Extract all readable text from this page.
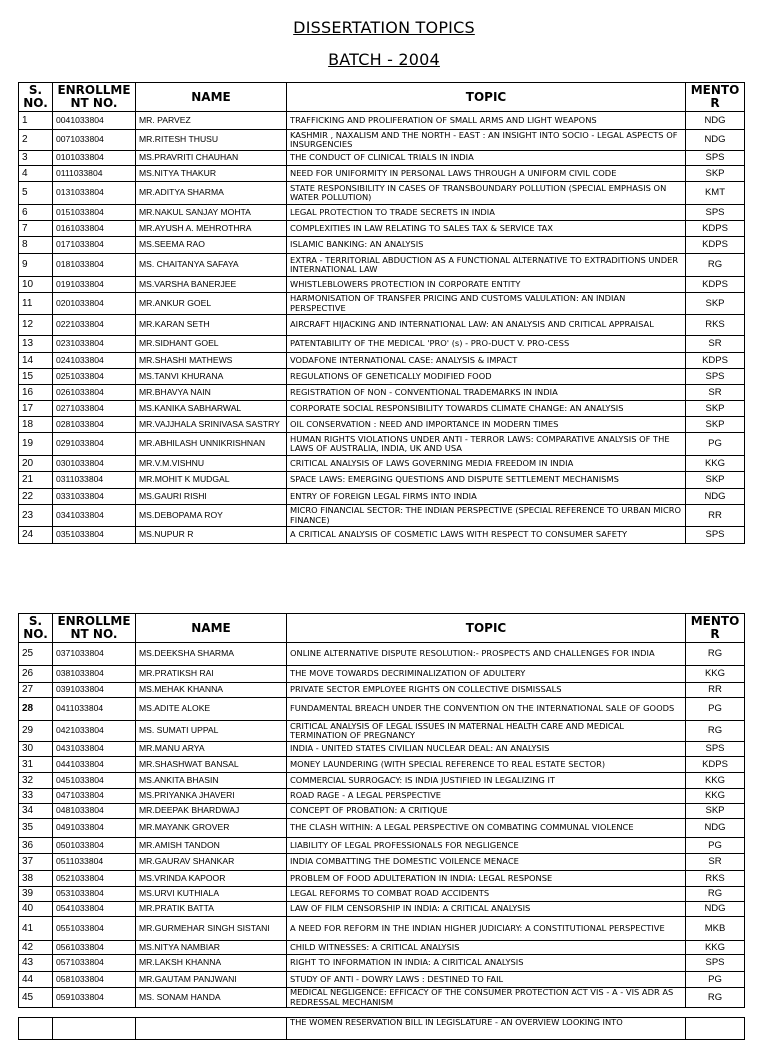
DISSERTATION TOPICS
BATCH - 2004
S. NO.	ENROLLME NT NO.	NAME	TOPIC	MENTO R
1	0041033804	MR. PARVEZ	TRAFFICKING AND PROLIFERATION OF SMALL ARMS AND LIGHT WEAPONS	NDG
2	0071033804	MR.RITESH THUSU	KASHMIR , NAXALISM AND THE NORTH - EAST : AN INSIGHT INTO SOCIO - LEGAL ASPECTS OF INSURGENCIES	NDG
3	0101033804	MS.PRAVRITI CHAUHAN	THE CONDUCT OF CLINICAL TRIALS IN INDIA	SPS
4	0111033804	MS.NITYA THAKUR	NEED FOR UNIFORMITY IN PERSONAL LAWS THROUGH A UNIFORM CIVIL CODE	SKP
5	0131033804	MR.ADITYA SHARMA	STATE RESPONSIBILITY IN CASES OF TRANSBOUNDARY POLLUTION (SPECIAL EMPHASIS ON WATER POLLUTION)	KMT
6	0151033804	MR.NAKUL SANJAY MOHTA	LEGAL PROTECTION TO TRADE SECRETS IN INDIA	SPS
7	0161033804	MR.AYUSH A. MEHROTHRA	COMPLEXITIES IN LAW RELATING TO SALES TAX & SERVICE TAX	KDPS
8	0171033804	MS.SEEMA RAO	ISLAMIC BANKING: AN ANALYSIS	KDPS
9	0181033804	MS. CHAITANYA SAFAYA	EXTRA - TERRITORIAL ABDUCTION AS A FUNCTIONAL ALTERNATIVE TO EXTRADITIONS UNDER INTERNATIONAL LAW	RG
10	0191033804	MS.VARSHA BANERJEE	WHISTLEBLOWERS PROTECTION IN CORPORATE ENTITY	KDPS
11	0201033804	MR.ANKUR GOEL	HARMONISATION OF TRANSFER PRICING AND CUSTOMS VALULATION: AN INDIAN PERSPECTIVE	SKP
12	0221033804	MR.KARAN SETH	AIRCRAFT HIJACKING AND INTERNATIONAL LAW: AN ANALYSIS AND CRITICAL APPRAISAL	RKS
13	0231033804	MR.SIDHANT GOEL	PATENTABILITY OF THE MEDICAL 'PRO' (s) - PRO-DUCT V. PRO-CESS	SR
14	0241033804	MR.SHASHI MATHEWS	VODAFONE INTERNATIONAL CASE: ANALYSIS & IMPACT	KDPS
15	0251033804	MS.TANVI KHURANA	REGULATIONS OF GENETICALLY MODIFIED FOOD	SPS
16	0261033804	MR.BHAVYA NAIN	REGISTRATION OF NON - CONVENTIONAL TRADEMARKS IN INDIA	SR
17	0271033804	MS.KANIKA SABHARWAL	CORPORATE SOCIAL RESPONSIBILITY TOWARDS CLIMATE CHANGE: AN ANALYSIS	SKP
18	0281033804	MR.VAJJHALA SRINIVASA SASTRY	OIL CONSERVATION : NEED AND IMPORTANCE IN MODERN TIMES	SKP
19	0291033804	MR.ABHILASH UNNIKRISHNAN	HUMAN RIGHTS VIOLATIONS UNDER ANTI - TERROR LAWS: COMPARATIVE ANALYSIS OF THE LAWS OF AUSTRALIA, INDIA, UK AND USA	PG
20	0301033804	MR.V.M.VISHNU	CRITICAL ANALYSIS OF LAWS GOVERNING MEDIA FREEDOM IN INDIA	KKG
21	0311033804	MR.MOHIT K MUDGAL	SPACE LAWS: EMERGING QUESTIONS AND DISPUTE SETTLEMENT MECHANISMS	SKP
22	0331033804	MS.GAURI RISHI	ENTRY OF FOREIGN LEGAL FIRMS INTO INDIA	NDG
23	0341033804	MS.DEBOPAMA ROY	MICRO FINANCIAL SECTOR: THE INDIAN PERSPECTIVE (SPECIAL REFERENCE TO URBAN MICRO FINANCE)	RR
24	0351033804	MS.NUPUR R	A CRITICAL ANALYSIS OF COSMETIC LAWS WITH RESPECT TO CONSUMER SAFETY	SPS
S. NO.	ENROLLME NT NO.	NAME	TOPIC	MENTO R
25	0371033804	MS.DEEKSHA SHARMA	ONLINE ALTERNATIVE DISPUTE RESOLUTION:- PROSPECTS AND CHALLENGES FOR INDIA	RG
26	0381033804	MR.PRATIKSH RAI	THE MOVE TOWARDS DECRIMINALIZATION OF ADULTERY	KKG
27	0391033804	MS.MEHAK KHANNA	PRIVATE SECTOR EMPLOYEE RIGHTS ON COLLECTIVE DISMISSALS	RR
28	0411033804	MS.ADITE ALOKE	FUNDAMENTAL BREACH UNDER THE CONVENTION ON THE INTERNATIONAL SALE OF GOODS	PG
29	0421033804	MS. SUMATI UPPAL	CRITICAL ANALYSIS OF LEGAL ISSUES IN MATERNAL HEALTH CARE AND MEDICAL TERMINATION OF PREGNANCY	RG
30	0431033804	MR.MANU ARYA	INDIA - UNITED STATES CIVILIAN NUCLEAR DEAL: AN ANALYSIS	SPS
31	0441033804	MR.SHASHWAT BANSAL	MONEY LAUNDERING (WITH SPECIAL REFERENCE TO REAL ESTATE SECTOR)	KDPS
32	0451033804	MS.ANKITA BHASIN	COMMERCIAL SURROGACY: IS INDIA JUSTIFIED IN LEGALIZING IT	KKG
33	0471033804	MS.PRIYANKA JHAVERI	ROAD RAGE - A LEGAL PERSPECTIVE	KKG
34	0481033804	MR.DEEPAK BHARDWAJ	CONCEPT OF PROBATION: A CRITIQUE	SKP
35	0491033804	MR.MAYANK GROVER	THE CLASH WITHIN: A LEGAL PERSPECTIVE ON COMBATING COMMUNAL VIOLENCE	NDG
36	0501033804	MR.AMISH TANDON	LIABILITY OF LEGAL PROFESSIONALS FOR NEGLIGENCE	PG
37	0511033804	MR.GAURAV SHANKAR	INDIA COMBATTING THE DOMESTIC VOILENCE MENACE	SR
38	0521033804	MS.VRINDA KAPOOR	PROBLEM OF FOOD ADULTERATION IN INDIA: LEGAL RESPONSE	RKS
39	0531033804	MS.URVI KUTHIALA	LEGAL REFORMS TO COMBAT ROAD ACCIDENTS	RG
40	0541033804	MR.PRATIK BATTA	LAW OF FILM CENSORSHIP IN INDIA: A CRITICAL ANALYSIS	NDG
41	0551033804	MR.GURMEHAR SINGH SISTANI	A NEED FOR REFORM IN THE INDIAN HIGHER JUDICIARY: A CONSTITUTIONAL PERSPECTIVE	MKB
42	0561033804	MS.NITYA NAMBIAR	CHILD WITNESSES: A CRITICAL ANALYSIS	KKG
43	0571033804	MR.LAKSH KHANNA	RIGHT TO INFORMATION IN INDIA: A CIRITICAL ANALYSIS	SPS
44	0581033804	MR.GAUTAM PANJWANI	STUDY OF ANTI - DOWRY LAWS : DESTINED TO FAIL	PG
45	0591033804	MS. SONAM HANDA	MEDICAL NEGLIGENCE: EFFICACY OF THE CONSUMER PROTECTION ACT VIS - A - VIS ADR AS REDRESSAL MECHANISM	RG
			THE WOMEN RESERVATION BILL IN LEGISLATURE - AN OVERVIEW LOOKING INTO	
